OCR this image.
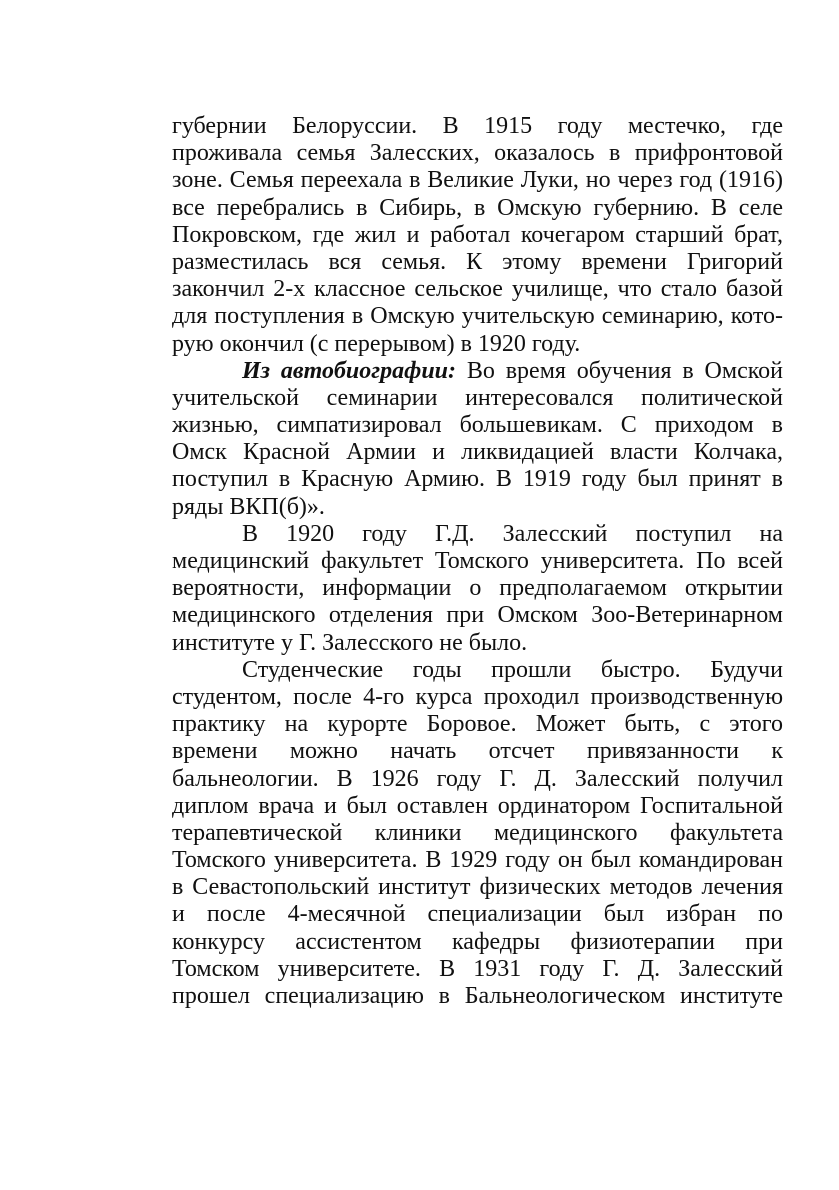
губернии Белоруссии. В 1915 году местечко, где
проживала семья Залесских, оказалось в прифронтовой
зоне. Семья переехала в Великие Луки, но через год (1916)
все перебрались в Сибирь, в Омскую губернию. В селе
Покровском, где жил и работал кочегаром старший брат,
разместилась вся семья. К этому времени Григорий
закончил 2-х классное сельское училище, что стало базой
для поступления в Омскую учительскую семинарию, кото-
рую окончил (с перерывом) в 1920 году.
Из автобиографии: Во время обучения в Омской
учительской семинарии интересовался политической
жизнью, симпатизировал большевикам. С приходом в
Омск Красной Армии и ликвидацией власти Колчака,
поступил в Красную Армию. В 1919 году был принят в
ряды ВКП(б)».
В 1920 году Г.Д. Залесский поступил на
медицинский факультет Томского университета. По всей
вероятности, информации о предполагаемом открытии
медицинского отделения при Омском Зоо-Ветеринарном
институте у Г. Залесского не было.
Студенческие годы прошли быстро. Будучи
студентом, после 4-го курса проходил производственную
практику на курорте Боровое. Может быть, с этого
времени можно начать отсчет привязанности к
бальнеологии. В 1926 году Г. Д. Залесский получил
диплом врача и был оставлен ординатором Госпитальной
терапевтической клиники медицинского факультета
Томского университета. В 1929 году он был командирован
в Севастопольский институт физических методов лечения
и после 4-месячной специализации был избран по
конкурсу ассистентом кафедры физиотерапии при
Томском университете. В 1931 году Г. Д. Залесский
прошел специализацию в Бальнеологическом институте
